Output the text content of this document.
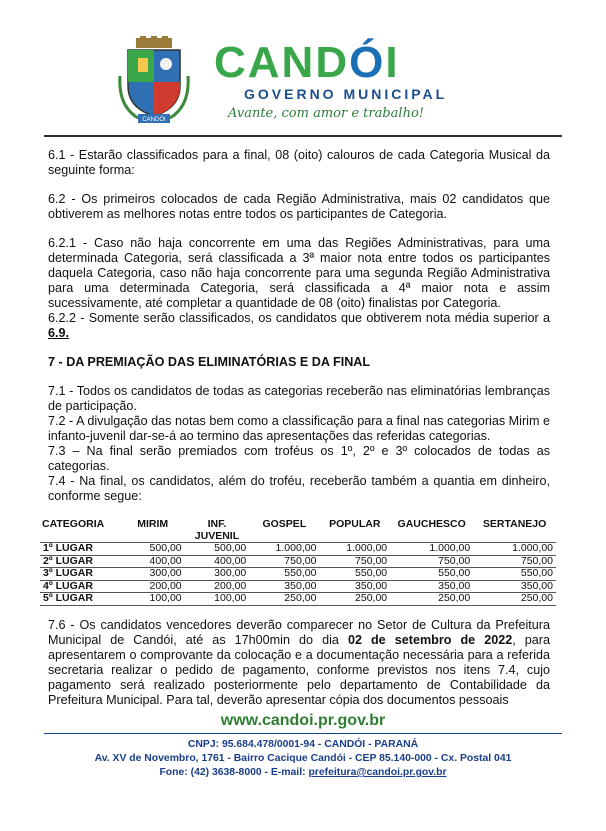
CANDÓI
CANDÓI
GOVERNO MUNICIPAL
Avante, com amor e trabalho!

6.1 - Estarão classificados para a final, 08 (oito) calouros de cada Categoria Musical da seguinte forma:

6.2 - Os primeiros colocados de cada Região Administrativa, mais 02 candidatos que obtiverem as melhores notas entre todos os participantes de Categoria.

6.2.1 - Caso não haja concorrente em uma das Regiões Administrativas, para uma determinada Categoria, será classificada a 3ª maior nota entre todos os participantes daquela Categoria, caso não haja concorrente para uma segunda Região Administrativa para uma determinada Categoria, será classificada a 4ª maior nota e assim sucessivamente, até completar a quantidade de 08 (oito) finalistas por Categoria.

6.2.2 - Somente serão classificados, os candidatos que obtiverem nota média superior a 6.9.

7 - DA PREMIAÇÃO DAS ELIMINATÓRIAS E DA FINAL

7.1 - Todos os candidatos de todas as categorias receberão nas eliminatórias lembranças de participação.

7.2 - A divulgação das notas bem como a classificação para a final nas categorias Mirim e infanto-juvenil dar-se-á ao termino das apresentações das referidas categorias.

7.3 – Na final serão premiados com troféus os 1º, 2º e 3º colocados de todas as categorias.

7.4 - Na final, os candidatos, além do troféu, receberão também a quantia em dinheiro, conforme segue:

CATEGORIA	MIRIM	INF. JUVENIL	GOSPEL	POPULAR	GAUCHESCO	SERTANEJO
1º LUGAR	500,00	500,00	1.000,00	1.000,00	1.000,00	1.000,00
2º LUGAR	400,00	400,00	750,00	750,00	750,00	750,00
3º LUGAR	300,00	300,00	550,00	550,00	550,00	550,00
4º LUGAR	200,00	200,00	350,00	350,00	350,00	350,00
5º LUGAR	100,00	100,00	250,00	250,00	250,00	250,00

7.6 - Os candidatos vencedores deverão comparecer no Setor de Cultura da Prefeitura Municipal de Candói, até as 17h00min do dia 02 de setembro de 2022, para apresentarem o comprovante da colocação e a documentação necessária para a referida secretaria realizar o pedido de pagamento, conforme previstos nos itens 7.4, cujo pagamento será realizado posteriormente pelo departamento de Contabilidade da Prefeitura Municipal. Para tal, deverão apresentar cópia dos documentos pessoais

www.candoi.pr.gov.br
CNPJ: 95.684.478/0001-94 - CANDÓI - PARANÁ
Av. XV de Novembro, 1761 - Bairro Cacique Candói - CEP 85.140-000 - Cx. Postal 041
Fone: (42) 3638-8000 - E-mail: prefeitura@candoi.pr.gov.br
